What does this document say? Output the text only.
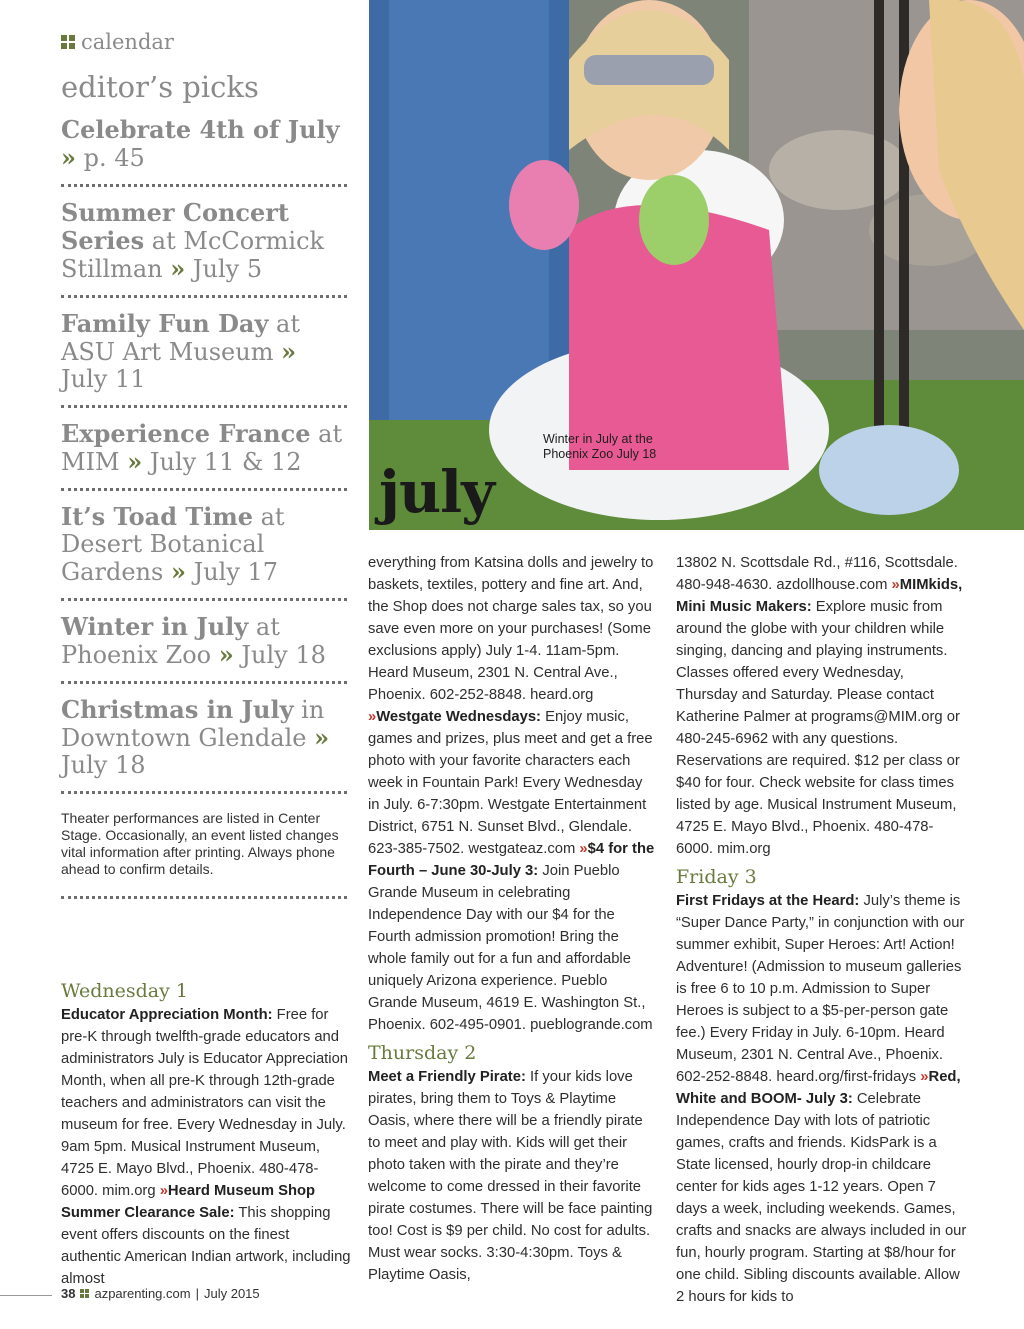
calendar
editor’s picks
Celebrate 4th of July » p. 45
Summer Concert Series at McCormick Stillman » July 5
Family Fun Day at ASU Art Museum » July 11
Experience France at MIM » July 11 & 12
It’s Toad Time at Desert Botanical Gardens » July 17
Winter in July at Phoenix Zoo » July 18
Christmas in July in Downtown Glendale » July 18
Theater performances are listed in Center Stage. Occasionally, an event listed changes vital information after printing. Always phone ahead to confirm details.
july
Winter in July at the Phoenix Zoo July 18
Wednesday 1
Educator Appreciation Month: Free for pre-K through twelfth-grade educators and administrators July is Educator Appreciation Month, when all pre-K through 12th-grade teachers and administrators can visit the museum for free. Every Wednesday in July. 9am 5pm. Musical Instrument Museum, 4725 E. Mayo Blvd., Phoenix. 480-478-6000. mim.org »Heard Museum Shop Summer Clearance Sale: This shopping event offers discounts on the finest authentic American Indian artwork, including almost
everything from Katsina dolls and jewelry to baskets, textiles, pottery and fine art. And, the Shop does not charge sales tax, so you save even more on your purchases! (Some exclusions apply) July 1-4. 11am-5pm. Heard Museum, 2301 N. Central Ave., Phoenix. 602-252-8848. heard.org »Westgate Wednesdays: Enjoy music, games and prizes, plus meet and get a free photo with your favorite characters each week in Fountain Park! Every Wednesday in July. 6-7:30pm. Westgate Entertainment District, 6751 N. Sunset Blvd., Glendale. 623-385-7502. westgateaz.com »$4 for the Fourth – June 30-July 3: Join Pueblo Grande Museum in celebrating Independence Day with our $4 for the Fourth admission promotion! Bring the whole family out for a fun and affordable uniquely Arizona experience. Pueblo Grande Museum, 4619 E. Washington St., Phoenix. 602-495-0901. pueblogrande.com
Thursday 2
Meet a Friendly Pirate: If your kids love pirates, bring them to Toys & Playtime Oasis, where there will be a friendly pirate to meet and play with. Kids will get their photo taken with the pirate and they’re welcome to come dressed in their favorite pirate costumes. There will be face painting too! Cost is $9 per child. No cost for adults. Must wear socks. 3:30-4:30pm. Toys & Playtime Oasis,
13802 N. Scottsdale Rd., #116, Scottsdale. 480-948-4630. azdollhouse.com »MIMkids, Mini Music Makers: Explore music from around the globe with your children while singing, dancing and playing instruments. Classes offered every Wednesday, Thursday and Saturday. Please contact Katherine Palmer at programs@MIM.org or 480-245-6962 with any questions. Reservations are required. $12 per class or $40 for four. Check website for class times listed by age. Musical Instrument Museum, 4725 E. Mayo Blvd., Phoenix. 480-478-6000. mim.org
Friday 3
First Fridays at the Heard: July’s theme is “Super Dance Party,” in conjunction with our summer exhibit, Super Heroes: Art! Action! Adventure! (Admission to museum galleries is free 6 to 10 p.m. Admission to Super Heroes is subject to a $5-per-person gate fee.) Every Friday in July. 6-10pm. Heard Museum, 2301 N. Central Ave., Phoenix. 602-252-8848. heard.org/first-fridays »Red, White and BOOM- July 3: Celebrate Independence Day with lots of patriotic games, crafts and friends. KidsPark is a State licensed, hourly drop-in childcare center for kids ages 1-12 years. Open 7 days a week, including weekends. Games, crafts and snacks are always included in our fun, hourly program. Starting at $8/hour for one child. Sibling discounts available. Allow 2 hours for kids to
38 azparenting.com | July 2015
